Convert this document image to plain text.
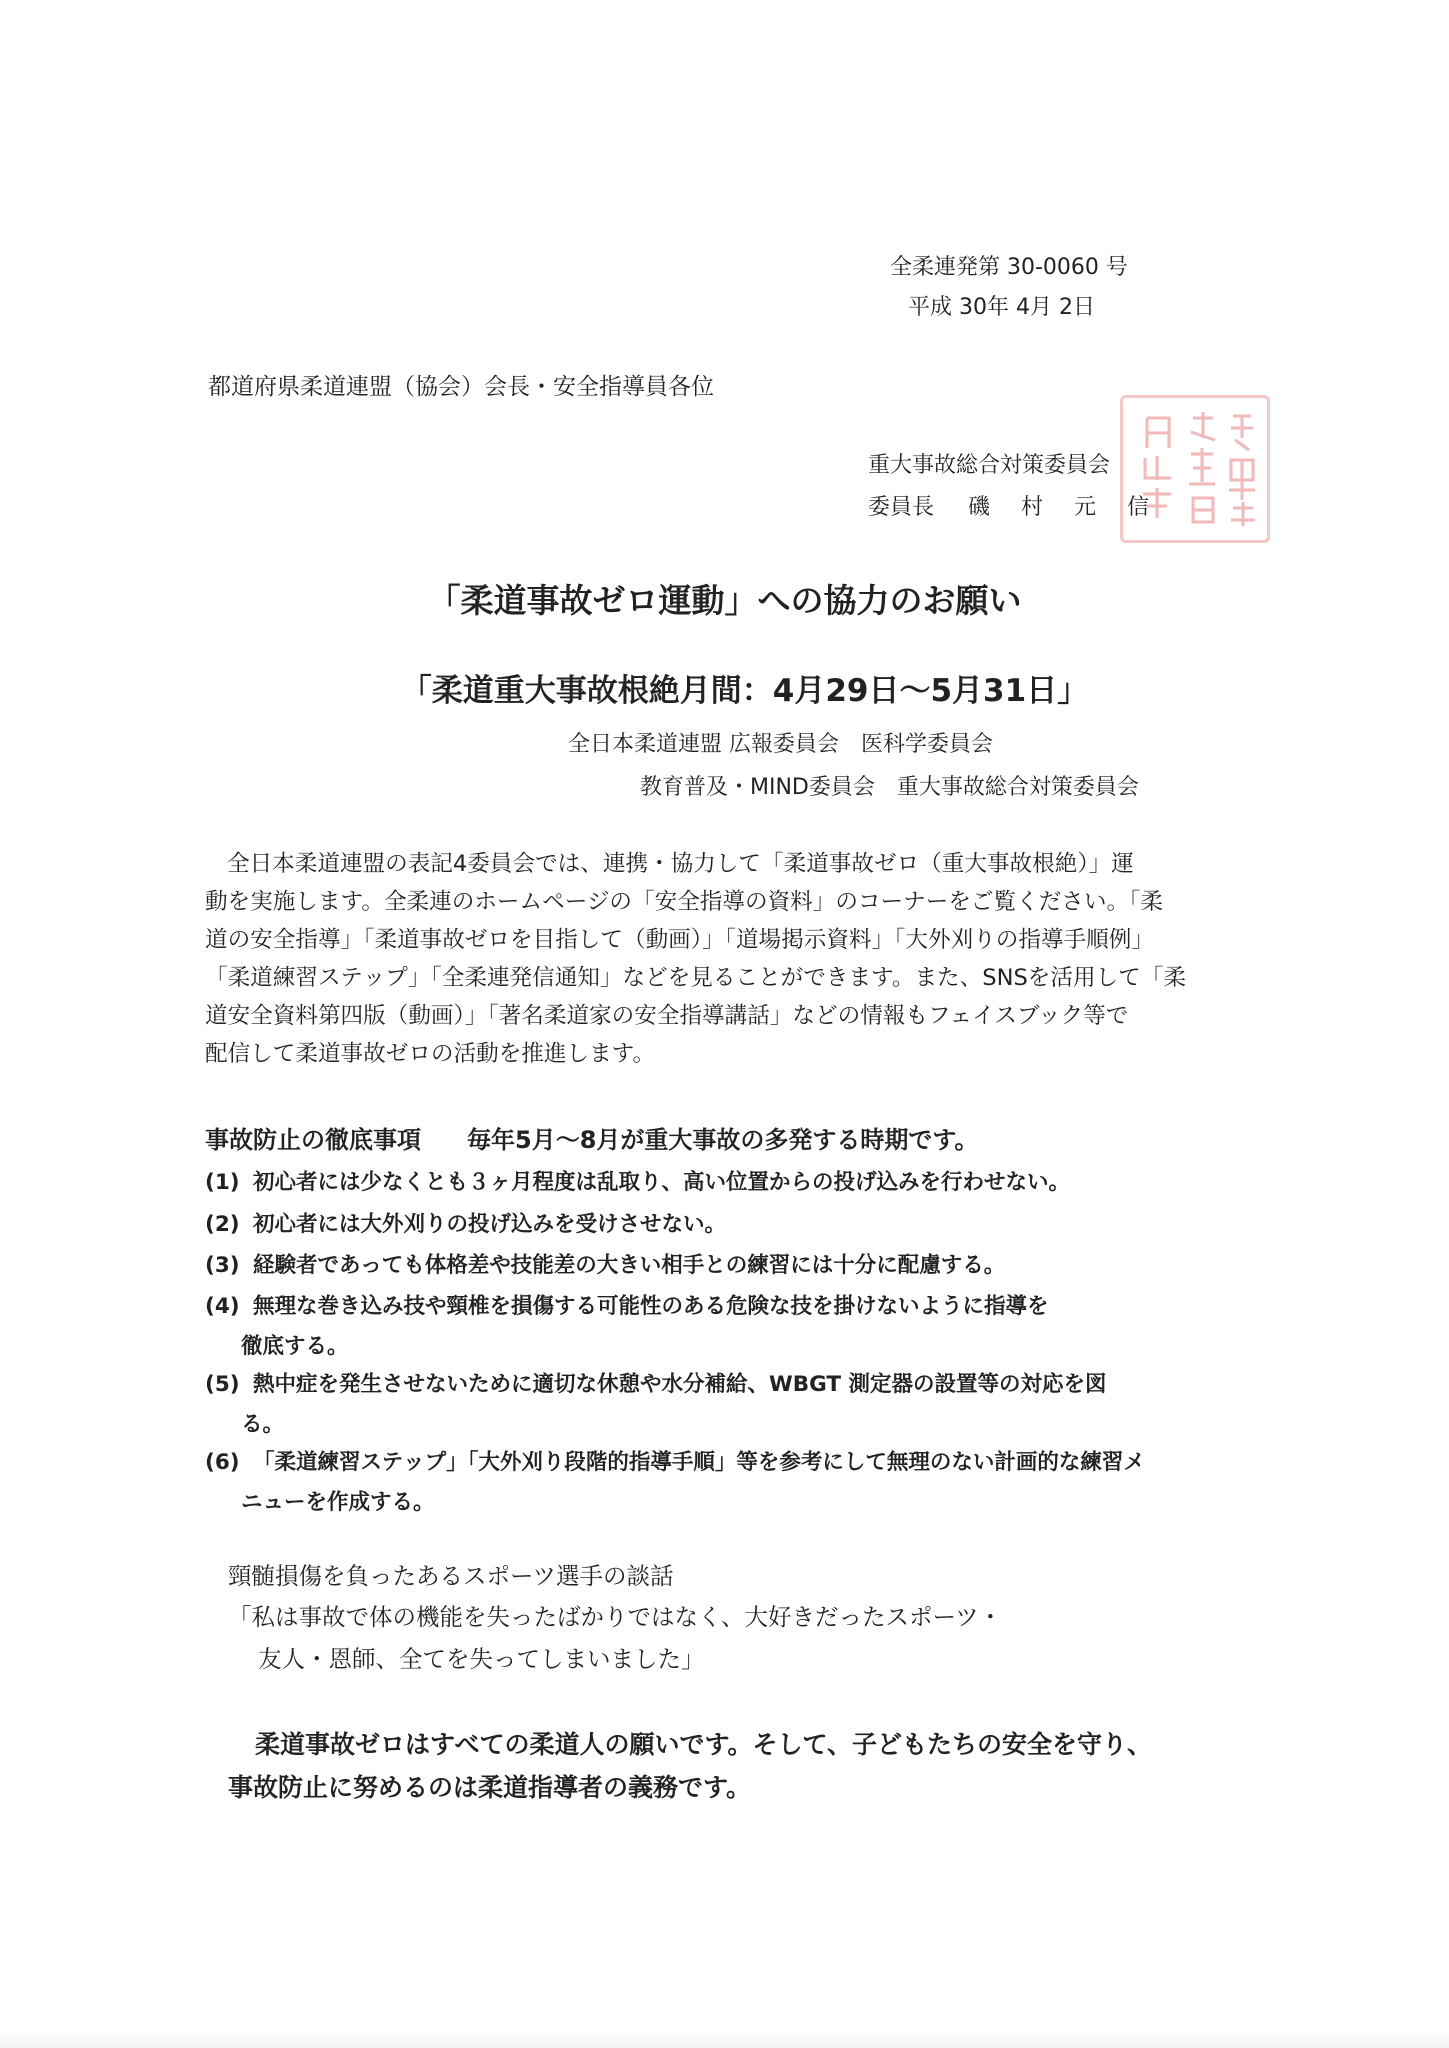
全柔連発第 30-0060 号
平成 30年 4月 2日
都道府県柔道連盟（協会）会長・安全指導員各位
重大事故総合対策委員会
委員長 磯 村 元 信
「柔道事故ゼロ運動」への協力のお願い
「柔道重大事故根絶月間：4月29日～5月31日」
全日本柔道連盟 広報委員会　医科学委員会
教育普及・MIND委員会　重大事故総合対策委員会
全日本柔道連盟の表記4委員会では、連携・協力して「柔道事故ゼロ（重大事故根絶）」運
動を実施します。全柔連のホームページの「安全指導の資料」のコーナーをご覧ください。「柔
道の安全指導」「柔道事故ゼロを目指して（動画）」「道場掲示資料」「大外刈りの指導手順例」
「柔道練習ステップ」「全柔連発信通知」などを見ることができます。また、SNSを活用して「柔
道安全資料第四版（動画）」「著名柔道家の安全指導講話」などの情報もフェイスブック等で
配信して柔道事故ゼロの活動を推進します。
事故防止の徹底事項 毎年5月～8月が重大事故の多発する時期です。
(1) 初心者には少なくとも３ヶ月程度は乱取り、高い位置からの投げ込みを行わせない。
(2) 初心者には大外刈りの投げ込みを受けさせない。
(3) 経験者であっても体格差や技能差の大きい相手との練習には十分に配慮する。
(4) 無理な巻き込み技や頸椎を損傷する可能性のある危険な技を掛けないように指導を
徹底する。
(5) 熱中症を発生させないために適切な休憩や水分補給、WBGT 測定器の設置等の対応を図
る。
(6) 「柔道練習ステップ」「大外刈り段階的指導手順」等を参考にして無理のない計画的な練習メ
ニューを作成する。
頸髄損傷を負ったあるスポーツ選手の談話
「私は事故で体の機能を失ったばかりではなく、大好きだったスポーツ・
友人・恩師、全てを失ってしまいました」
柔道事故ゼロはすべての柔道人の願いです。そして、子どもたちの安全を守り、
事故防止に努めるのは柔道指導者の義務です。
